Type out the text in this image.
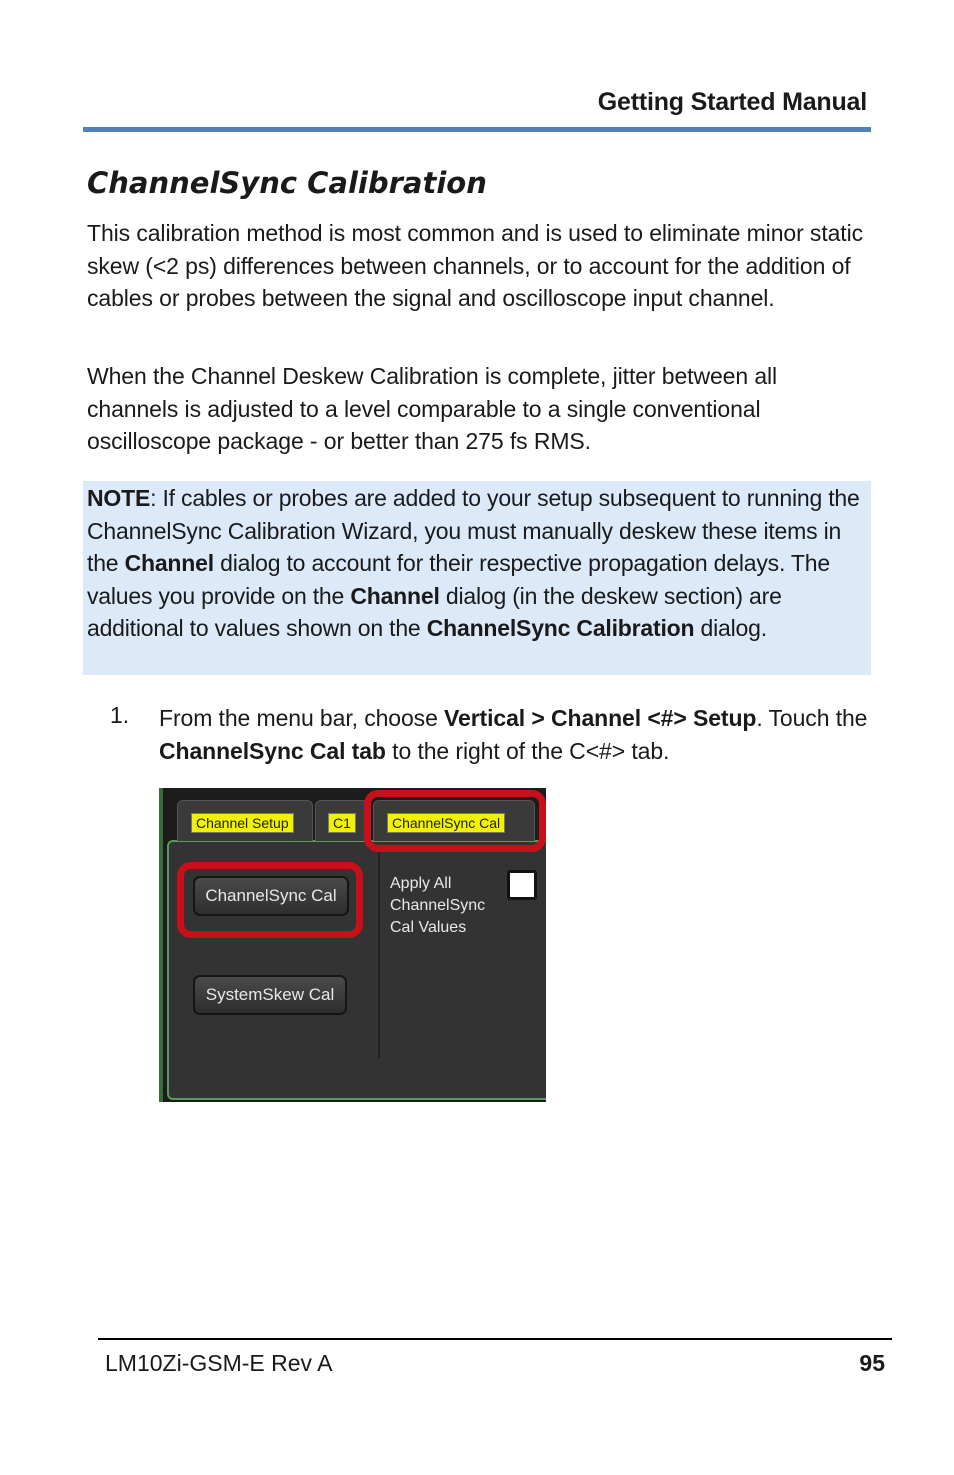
Getting Started Manual
ChannelSync Calibration
This calibration method is most common and is used to eliminate minor static skew (<2 ps) differences between channels, or to account for the addition of cables or probes between the signal and oscilloscope input channel.
When the Channel Deskew Calibration is complete, jitter between all channels is adjusted to a level comparable to a single conventional oscilloscope package - or better than 275 fs RMS.
NOTE: If cables or probes are added to your setup subsequent to running the ChannelSync Calibration Wizard, you must manually deskew these items in the Channel dialog to account for their respective propagation delays. The values you provide on the Channel dialog (in the deskew section) are additional to values shown on the ChannelSync Calibration dialog.
1. From the menu bar, choose Vertical > Channel <#> Setup. Touch the ChannelSync Cal tab to the right of the C<#> tab.
Channel Setup	C1	ChannelSync Cal
ChannelSync Cal
SystemSkew Cal
Apply All ChannelSync Cal Values
LM10Zi-GSM-E Rev A	95
